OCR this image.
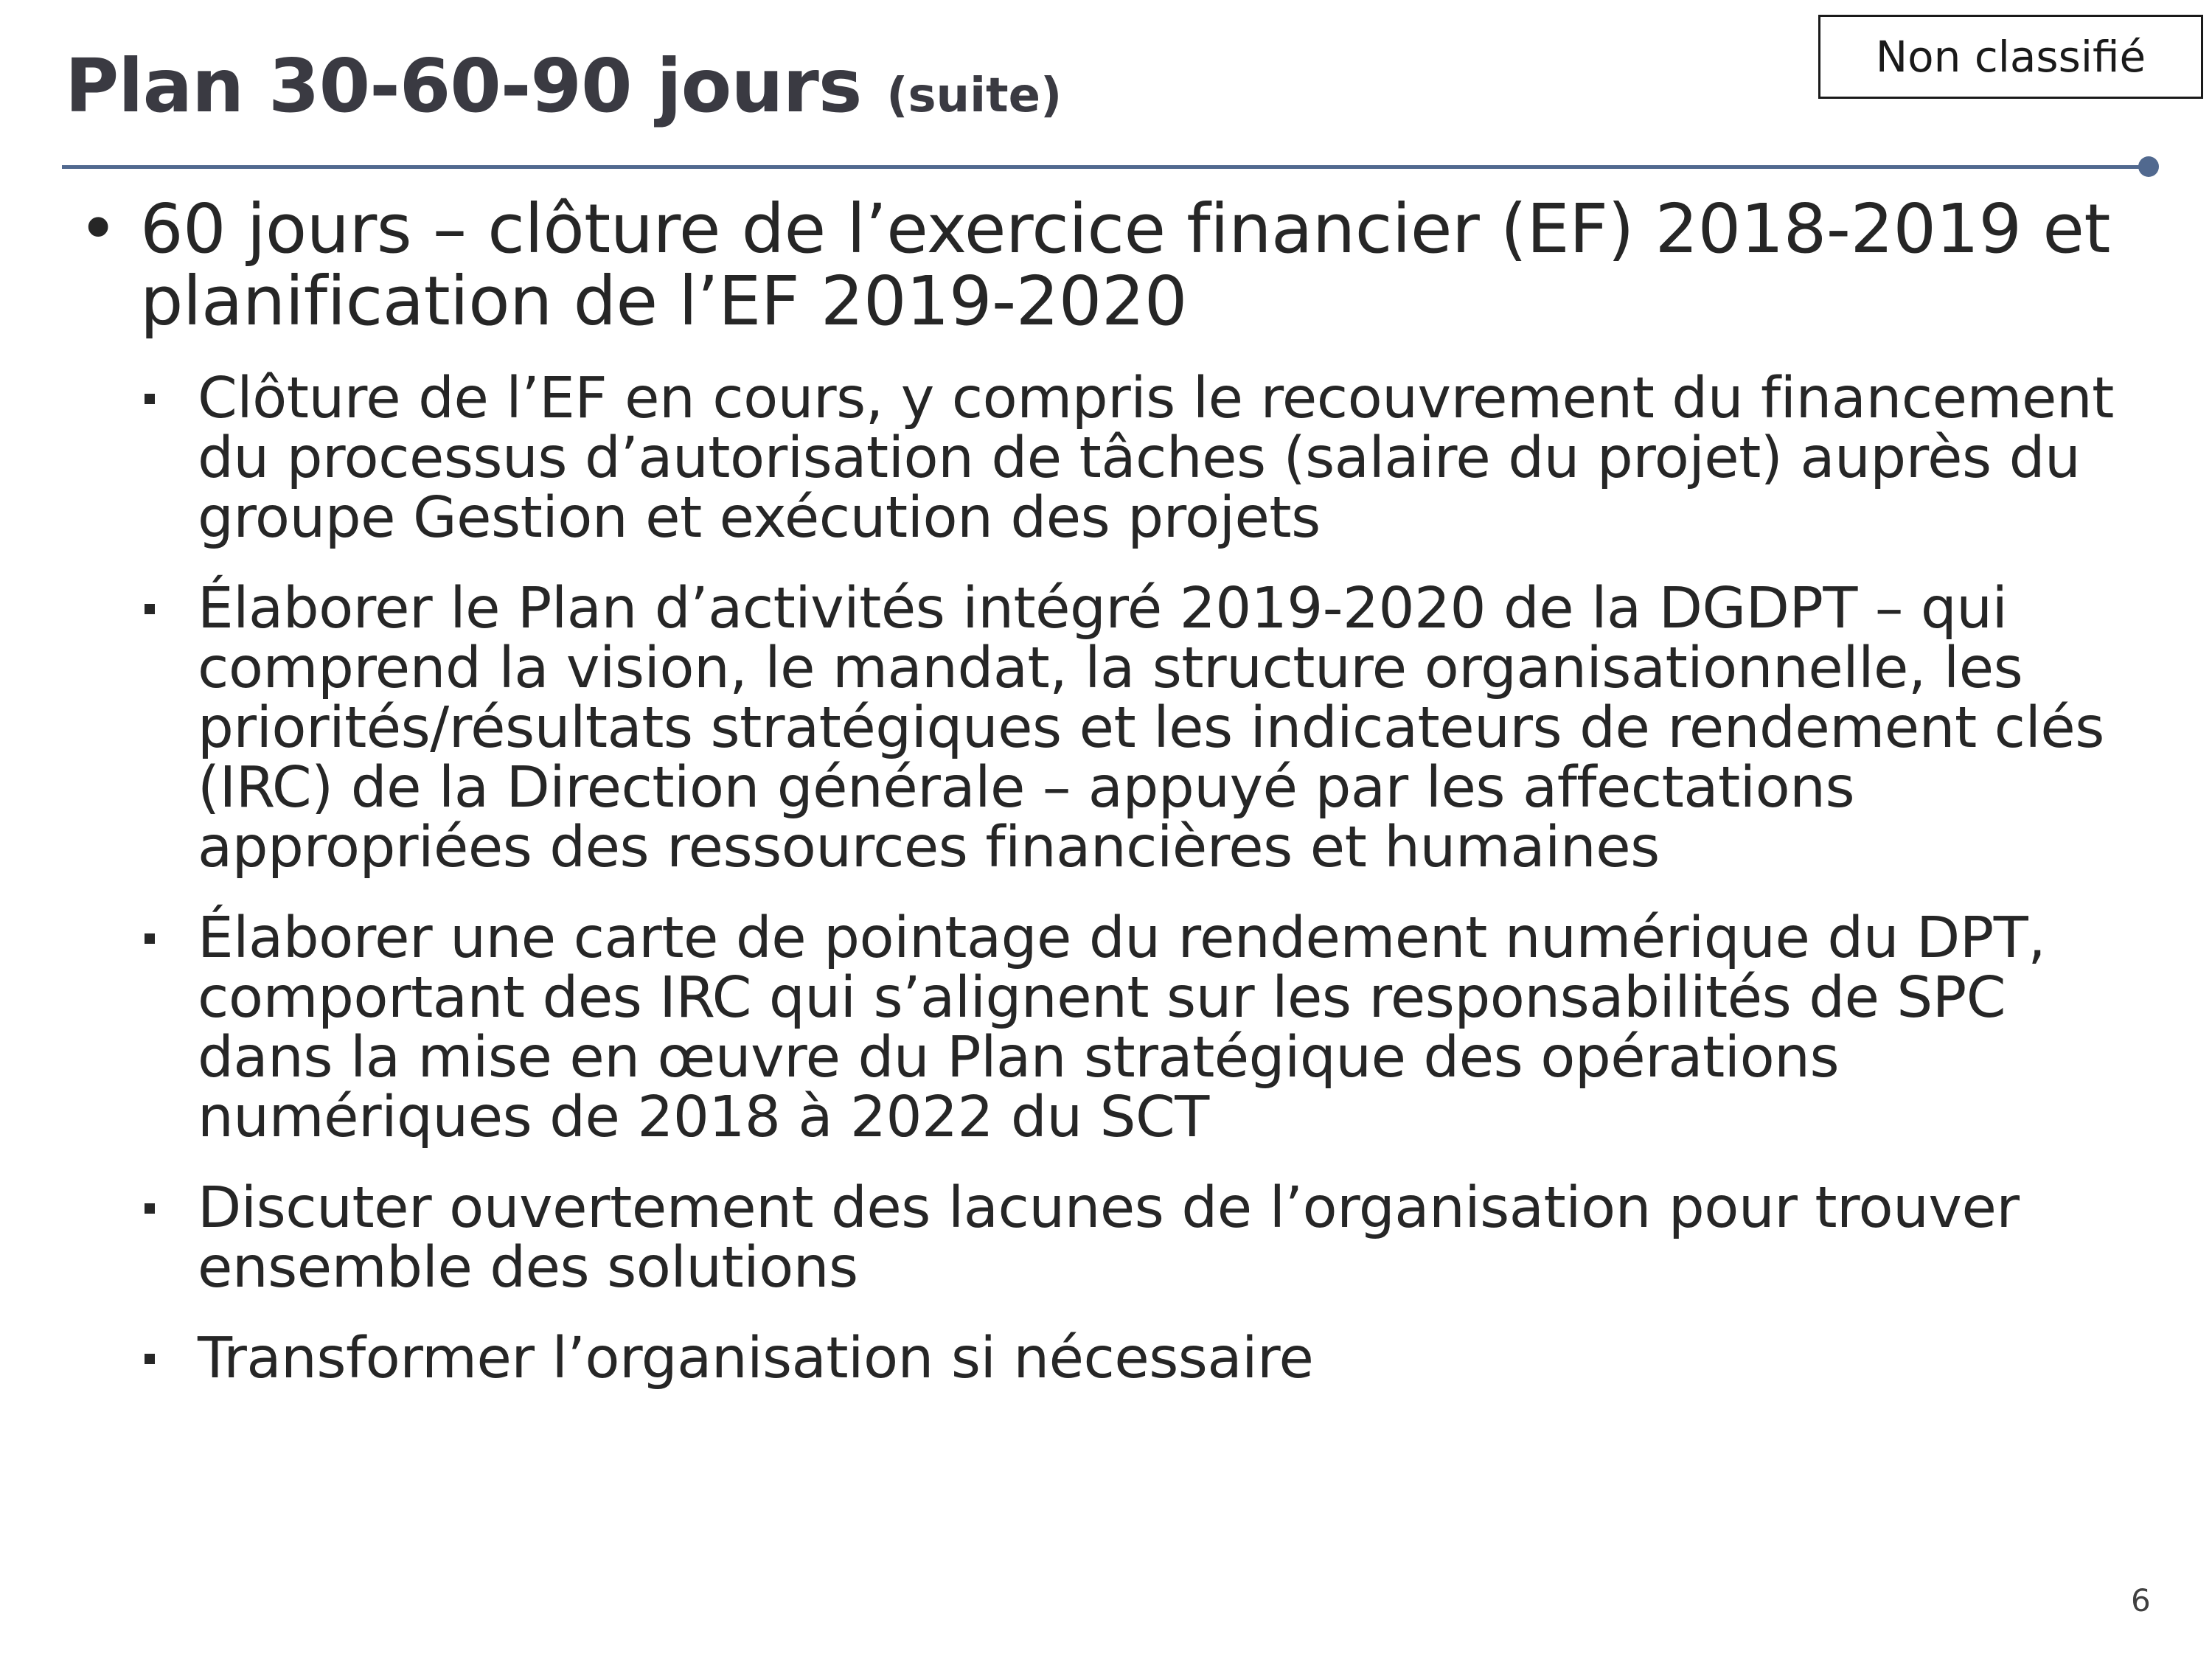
Plan 30-60-90 jours (suite)
Non classifié
• 60 jours – clôture de l’exercice financier (EF) 2018-2019 et planification de l’EF 2019-2020
Clôture de l’EF en cours, y compris le recouvrement du financement du processus d’autorisation de tâches (salaire du projet) auprès du groupe Gestion et exécution des projets
Élaborer le Plan d’activités intégré 2019-2020 de la DGDPT – qui comprend la vision, le mandat, la structure organisationnelle, les priorités/résultats stratégiques et les indicateurs de rendement clés (IRC) de la Direction générale – appuyé par les affectations appropriées des ressources financières et humaines
Élaborer une carte de pointage du rendement numérique du DPT, comportant des IRC qui s’alignent sur les responsabilités de SPC dans la mise en œuvre du Plan stratégique des opérations numériques de 2018 à 2022 du SCT
Discuter ouvertement des lacunes de l’organisation pour trouver ensemble des solutions
Transformer l’organisation si nécessaire
6
